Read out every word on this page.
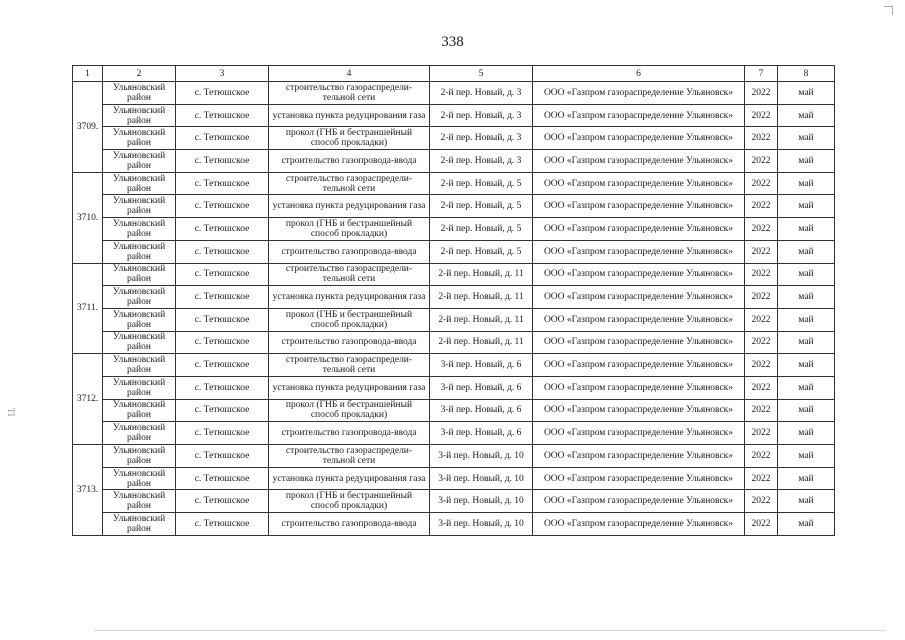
338
TI
1	2	3	4	5	6	7	8
3709.	Ульяновский район	с. Тетюшское	строительство газораспредели-тельной сети	2-й пер. Новый, д. 3	ООО «Газпром газораспределение Ульяновск»	2022	май
	Ульяновский район	с. Тетюшское	установка пункта редуцирования газа	2-й пер. Новый, д. 3	ООО «Газпром газораспределение Ульяновск»	2022	май
	Ульяновский район	с. Тетюшское	прокол (ГНБ и бестраншейный способ прокладки)	2-й пер. Новый, д. 3	ООО «Газпром газораспределение Ульяновск»	2022	май
	Ульяновский район	с. Тетюшское	строительство газопровода-ввода	2-й пер. Новый, д. 3	ООО «Газпром газораспределение Ульяновск»	2022	май
3710.	Ульяновский район	с. Тетюшское	строительство газораспредели-тельной сети	2-й пер. Новый, д. 5	ООО «Газпром газораспределение Ульяновск»	2022	май
	Ульяновский район	с. Тетюшское	установка пункта редуцирования газа	2-й пер. Новый, д. 5	ООО «Газпром газораспределение Ульяновск»	2022	май
	Ульяновский район	с. Тетюшское	прокол (ГНБ и бестраншейный способ прокладки)	2-й пер. Новый, д. 5	ООО «Газпром газораспределение Ульяновск»	2022	май
	Ульяновский район	с. Тетюшское	строительство газопровода-ввода	2-й пер. Новый, д. 5	ООО «Газпром газораспределение Ульяновск»	2022	май
3711.	Ульяновский район	с. Тетюшское	строительство газораспредели-тельной сети	2-й пер. Новый, д. 11	ООО «Газпром газораспределение Ульяновск»	2022	май
	Ульяновский район	с. Тетюшское	установка пункта редуцирования газа	2-й пер. Новый, д. 11	ООО «Газпром газораспределение Ульяновск»	2022	май
	Ульяновский район	с. Тетюшское	прокол (ГНБ и бестраншейный способ прокладки)	2-й пер. Новый, д. 11	ООО «Газпром газораспределение Ульяновск»	2022	май
	Ульяновский район	с. Тетюшское	строительство газопровода-ввода	2-й пер. Новый, д. 11	ООО «Газпром газораспределение Ульяновск»	2022	май
3712.	Ульяновский район	с. Тетюшское	строительство газораспредели-тельной сети	3-й пер. Новый, д. 6	ООО «Газпром газораспределение Ульяновск»	2022	май
	Ульяновский район	с. Тетюшское	установка пункта редуцирования газа	3-й пер. Новый, д. 6	ООО «Газпром газораспределение Ульяновск»	2022	май
	Ульяновский район	с. Тетюшское	прокол (ГНБ и бестраншейный способ прокладки)	3-й пер. Новый, д. 6	ООО «Газпром газораспределение Ульяновск»	2022	май
	Ульяновский район	с. Тетюшское	строительство газопровода-ввода	3-й пер. Новый, д. 6	ООО «Газпром газораспределение Ульяновск»	2022	май
3713.	Ульяновский район	с. Тетюшское	строительство газораспредели-тельной сети	3-й пер. Новый, д. 10	ООО «Газпром газораспределение Ульяновск»	2022	май
	Ульяновский район	с. Тетюшское	установка пункта редуцирования газа	3-й пер. Новый, д. 10	ООО «Газпром газораспределение Ульяновск»	2022	май
	Ульяновский район	с. Тетюшское	прокол (ГНБ и бестраншейный способ прокладки)	3-й пер. Новый, д. 10	ООО «Газпром газораспределение Ульяновск»	2022	май
	Ульяновский район	с. Тетюшское	строительство газопровода-ввода	3-й пер. Новый, д. 10	ООО «Газпром газораспределение Ульяновск»	2022	май
